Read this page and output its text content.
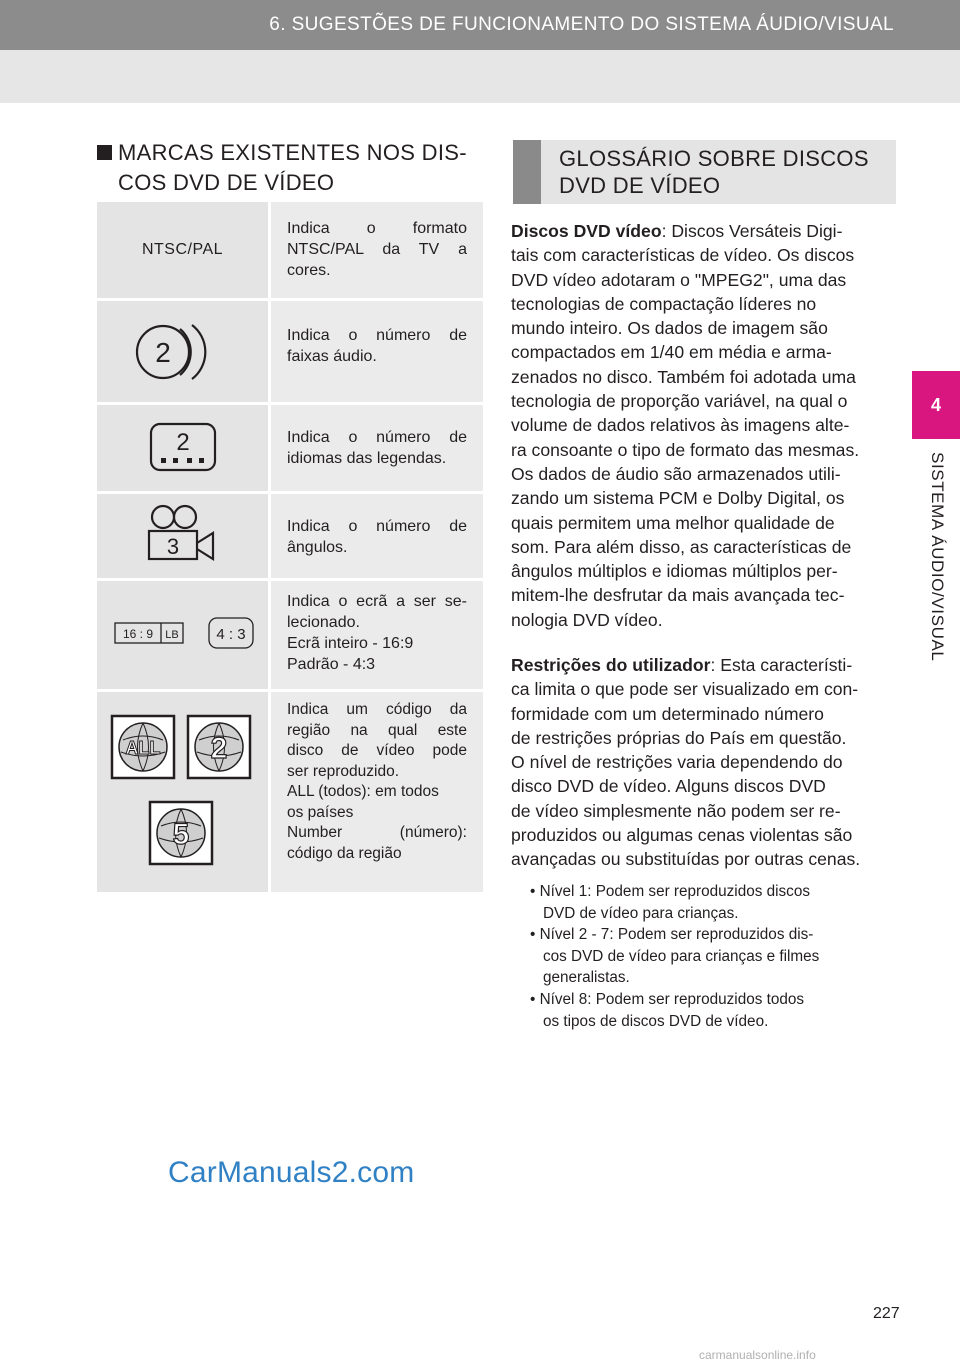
6. SUGESTÕES DE FUNCIONAMENTO DO SISTEMA ÁUDIO/VISUAL
4
SISTEMA ÁUDIO/VISUAL
MARCAS EXISTENTES NOS DIS-
COS DVD DE VÍDEO
NTSC/PAL
Indica o formato
NTSC/PAL da TV a
cores.
2
Indica o número de
faixas áudio.
2	Indica o número de
idiomas das legendas.
3
Indica o número de
ângulos.
16 : 9 LB	4 : 3
Indica o ecrã a ser se-
lecionado.
Ecrã inteiro - 16:9
Padrão - 4:3
ALL 2
5
Indica um código da
região na qual este
disco de vídeo pode
ser reproduzido.
ALL (todos): em todos
os países
Number (número):
código da região
GLOSSÁRIO SOBRE DISCOS
DVD DE VÍDEO
Discos DVD vídeo: Discos Versáteis Digi-
tais com características de vídeo. Os discos
DVD vídeo adotaram o "MPEG2", uma das
tecnologias de compactação líderes no
mundo inteiro. Os dados de imagem são
compactados em 1/40 em média e arma-
zenados no disco. Também foi adotada uma
tecnologia de proporção variável, na qual o
volume de dados relativos às imagens alte-
ra consoante o tipo de formato das mesmas.
Os dados de áudio são armazenados utili-
zando um sistema PCM e Dolby Digital, os
quais permitem uma melhor qualidade de
som. Para além disso, as características de
ângulos múltiplos e idiomas múltiplos per-
mitem-lhe desfrutar da mais avançada tec-
nologia DVD vídeo.
Restrições do utilizador: Esta característi-
ca limita o que pode ser visualizado em con-
formidade com um determinado número
de restrições próprias do País em questão.
O nível de restrições varia dependendo do
disco DVD de vídeo. Alguns discos DVD
de vídeo simplesmente não podem ser re-
produzidos ou algumas cenas violentas são
avançadas ou substituídas por outras cenas.
• Nível 1: Podem ser reproduzidos discos
DVD de vídeo para crianças.
• Nível 2 - 7: Podem ser reproduzidos dis-
cos DVD de vídeo para crianças e filmes
generalistas.
• Nível 8: Podem ser reproduzidos todos
os tipos de discos DVD de vídeo.
CarManuals2.com
227
carmanualsonline.info
